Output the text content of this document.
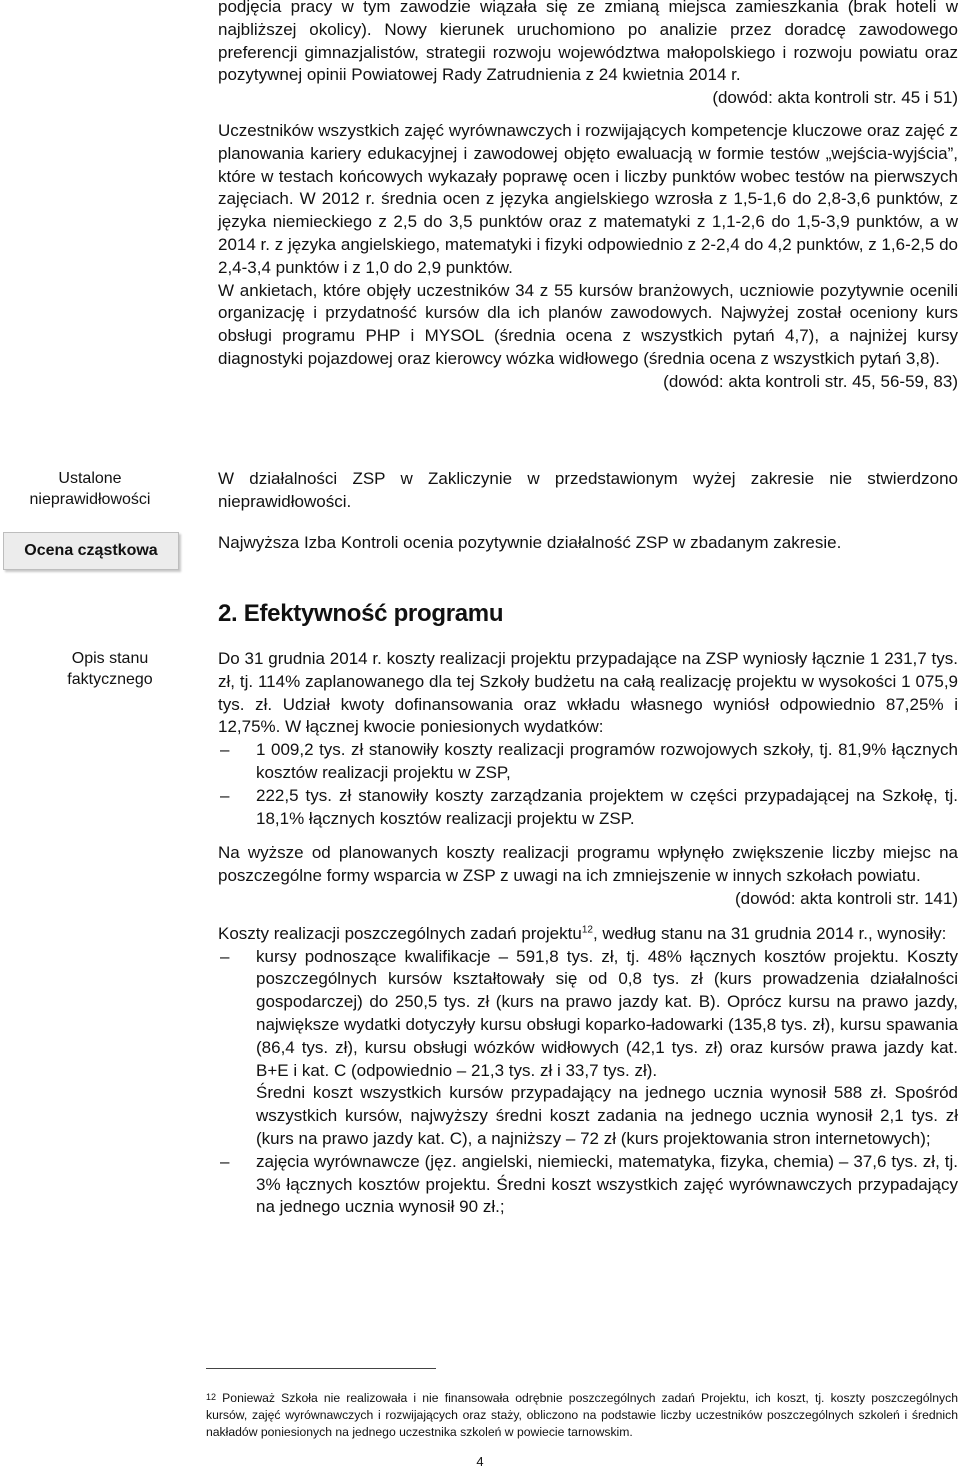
podjęcia pracy w tym zawodzie wiązała się ze zmianą miejsca zamieszkania (brak hoteli w najbliższej okolicy). Nowy kierunek uruchomiono po analizie przez doradcę zawodowego preferencji gimnazjalistów, strategii rozwoju województwa małopolskiego i rozwoju powiatu oraz pozytywnej opinii Powiatowej Rady Zatrudnienia z 24 kwietnia 2014 r.

(dowód: akta kontroli str. 45 i 51)

Uczestników wszystkich zajęć wyrównawczych i rozwijających kompetencje kluczowe oraz zajęć z planowania kariery edukacyjnej i zawodowej objęto ewaluacją w formie testów „wejścia-wyjścia”, które w testach końcowych wykazały poprawę ocen i liczby punktów wobec testów na pierwszych zajęciach. W 2012 r. średnia ocen z języka angielskiego wzrosła z 1,5-1,6 do 2,8-3,6 punktów, z języka niemieckiego z 2,5 do 3,5 punktów oraz z matematyki z 1,1-2,6 do 1,5-3,9 punktów, a w 2014 r. z języka angielskiego, matematyki i fizyki odpowiednio z 2-2,4 do 4,2 punktów, z 1,6-2,5 do 2,4-3,4 punktów i z 1,0 do 2,9 punktów.

W ankietach, które objęły uczestników 34 z 55 kursów branżowych, uczniowie pozytywnie ocenili organizację i przydatność kursów dla ich planów zawodowych. Najwyżej został oceniony kurs obsługi programu PHP i MYSOL (średnia ocena z wszystkich pytań 4,7), a najniżej kursy diagnostyki pojazdowej oraz kierowcy wózka widłowego (średnia ocena z wszystkich pytań 3,8).

(dowód: akta kontroli str. 45, 56-59, 83)

Ustalone nieprawidłowości
Ocena cząstkowa
Opis stanu faktycznego
W działalności ZSP w Zakliczynie w przedstawionym wyżej zakresie nie stwierdzono nieprawidłowości.
Najwyższa Izba Kontroli ocenia pozytywnie działalność ZSP w zbadanym zakresie.
2. Efektywność programu

Do 31 grudnia 2014 r. koszty realizacji projektu przypadające na ZSP wyniosły łącznie 1 231,7 tys. zł, tj. 114% zaplanowanego dla tej Szkoły budżetu na całą realizację projektu w wysokości 1 075,9 tys. zł. Udział kwoty dofinansowania oraz wkładu własnego wyniósł odpowiednio 87,25% i 12,75%. W łącznej kwocie poniesionych wydatków:

– 1 009,2 tys. zł stanowiły koszty realizacji programów rozwojowych szkoły, tj. 81,9% łącznych kosztów realizacji projektu w ZSP,
– 222,5 tys. zł stanowiły koszty zarządzania projektem w części przypadającej na Szkołę, tj. 18,1% łącznych kosztów realizacji projektu w ZSP.

Na wyższe od planowanych koszty realizacji programu wpłynęło zwiększenie liczby miejsc na poszczególne formy wsparcia w ZSP z uwagi na ich zmniejszenie w innych szkołach powiatu.

(dowód: akta kontroli str. 141)

Koszty realizacji poszczególnych zadań projektu$^{12}$, według stanu na 31 grudnia 2014 r., wynosiły:

– kursy podnoszące kwalifikacje – 591,8 tys. zł, tj. 48% łącznych kosztów projektu. Koszty poszczególnych kursów kształtowały się od 0,8 tys. zł (kurs prowadzenia działalności gospodarczej) do 250,5 tys. zł (kurs na prawo jazdy kat. B). Oprócz kursu na prawo jazdy, największe wydatki dotyczyły kursu obsługi koparko-ładowarki (135,8 tys. zł), kursu spawania (86,4 tys. zł), kursu obsługi wózków widłowych (42,1 tys. zł) oraz kursów prawa jazdy kat. B+E i kat. C (odpowiednio – 21,3 tys. zł i 33,7 tys. zł).
Średni koszt wszystkich kursów przypadający na jednego ucznia wynosił 588 zł. Spośród wszystkich kursów, najwyższy średni koszt zadania na jednego ucznia wynosił 2,1 tys. zł (kurs na prawo jazdy kat. C), a najniższy – 72 zł (kurs projektowania stron internetowych);
– zajęcia wyrównawcze (jęz. angielski, niemiecki, matematyka, fizyka, chemia) – 37,6 tys. zł, tj. 3% łącznych kosztów projektu. Średni koszt wszystkich zajęć wyrównawczych przypadający na jednego ucznia wynosił 90 zł.;
$^{12}$ Ponieważ Szkoła nie realizowała i nie finansowała odrębnie poszczególnych zadań Projektu, ich koszt, tj. koszty poszczególnych kursów, zajęć wyrównawczych i rozwijających oraz staży, obliczono na podstawie liczby uczestników poszczególnych szkoleń i średnich nakładów poniesionych na jednego uczestnika szkoleń w powiecie tarnowskim.
4
